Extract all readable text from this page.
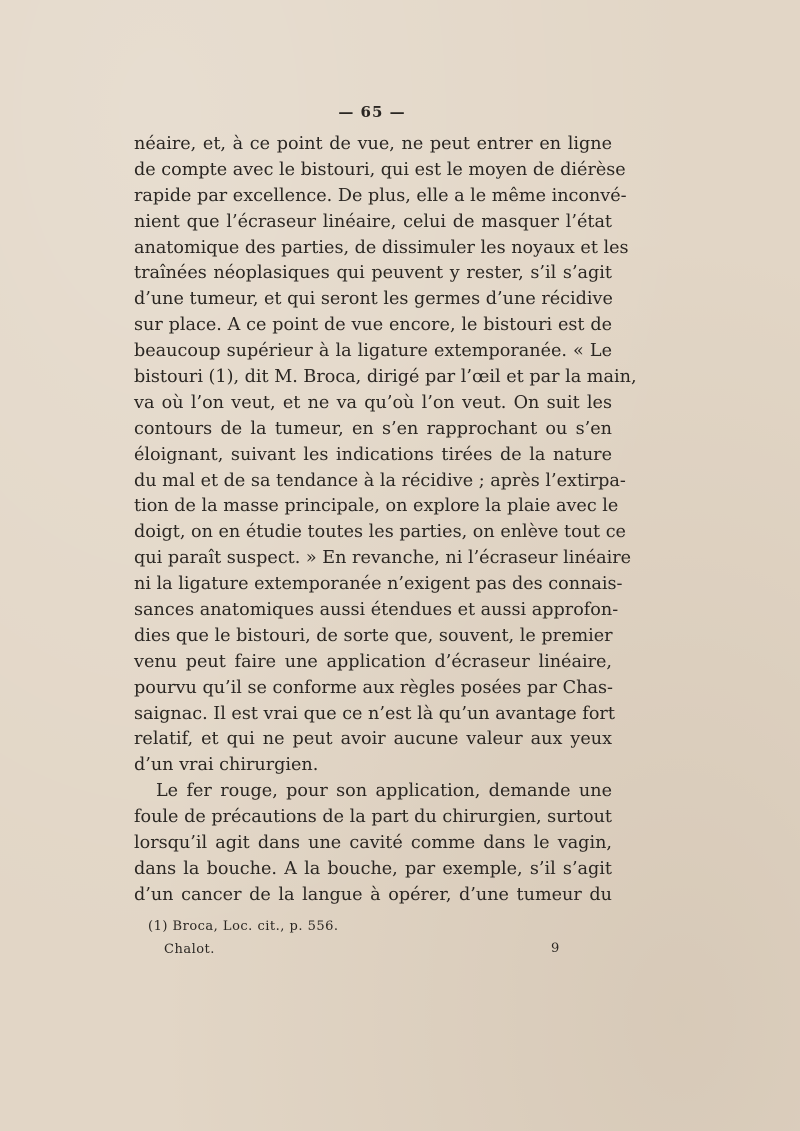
— 65 —
néaire, et, à ce point de vue, ne peut entrer en ligne
de compte avec le bistouri, qui est le moyen de diérèse
rapide par excellence. De plus, elle a le même inconvé-
nient que l’écraseur linéaire, celui de masquer l’état
anatomique des parties, de dissimuler les noyaux et les
traînées néoplasiques qui peuvent y rester, s’il s’agit
d’une tumeur, et qui seront les germes d’une récidive
sur place. A ce point de vue encore, le bistouri est de
beaucoup supérieur à la ligature extemporanée. « Le
bistouri (1), dit M. Broca, dirigé par l’œil et par la main,
va où l’on veut, et ne va qu’où l’on veut. On suit les
contours de la tumeur, en s’en rapprochant ou s’en
éloignant, suivant les indications tirées de la nature
du mal et de sa tendance à la récidive ; après l’extirpa-
tion de la masse principale, on explore la plaie avec le
doigt, on en étudie toutes les parties, on enlève tout ce
qui paraît suspect. » En revanche, ni l’écraseur linéaire
ni la ligature extemporanée n’exigent pas des connais-
sances anatomiques aussi étendues et aussi approfon-
dies que le bistouri, de sorte que, souvent, le premier
venu peut faire une application d’écraseur linéaire,
pourvu qu’il se conforme aux règles posées par Chas-
saignac. Il est vrai que ce n’est là qu’un avantage fort
relatif, et qui ne peut avoir aucune valeur aux yeux
d’un vrai chirurgien.
Le fer rouge, pour son application, demande une
foule de précautions de la part du chirurgien, surtout
lorsqu’il agit dans une cavité comme dans le vagin,
dans la bouche. A la bouche, par exemple, s’il s’agit
d’un cancer de la langue à opérer, d’une tumeur du
(1) Broca, Loc. cit., p. 556.
Chalot.	9
